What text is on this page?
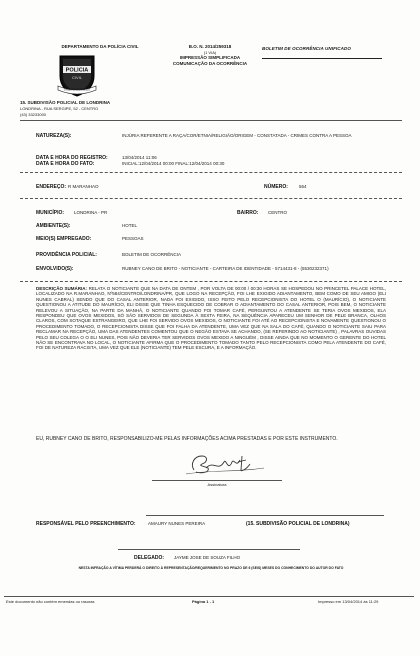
DEPARTAMENTO DA POLÍCIA CIVIL
POLICIA
CIVIL
ORDEM E PROGRESSO
15. SUBDIVISÃO POLICIAL DE LONDRINA
LONDRINA - RUA SERGIPE, 52 - CENTRO
(43) 33233000
B.O. N. 2014/259318
(1 VIA)
IMPRESSÃO SIMPLIFICADA
COMUNICAÇÃO DA OCORRÊNCIA
BOLETIM DE OCORRÊNCIA UNIFICADO
NATUREZA(S):	INJÚRIA REFERENTE A RAÇA/COR/ETNIA/RELIGIÃO/ORIGEM - CONSTATADA - CRIMES CONTRA A PESSOA
DATA E HORA DO REGISTRO:	13/04/2014 11:06
DATA E HORA DO FATO:	INICIAL:12/04/2014 00:00 FINAL:12/04/2014 00:30
ENDEREÇO: R MARANHAO	NÚMERO: 564
MUNICÍPIO: LONDRINA - PR	BAIRRO: CENTRO
AMBIENTE(S):	HOTEL
MEIO(S) EMPREGADO:	PESSOAS
PROVIDÊNCIA POLICIAL:	BOLETIM DE OCORRÊNCIA
ENVOLVIDO(S):	RUBNEY CANO DE BRITO - NOTICIANTE - CARTEIRA DE IDENTIDADE - 5714431-8 - (5530232371)
DESCRIÇÃO SUMÁRIA: RELATA O NOTICIANTE QUE NA DATA DE ONTEM , POR VOLTA DE 00:00 / 00:30 HORAS SE HOSPEDOU NO PRINCETEL PALACE HOTEL, LOCALIZADO NA R.MARANHAO, Nº584/CENTRO/LONDRINA/PR, QUE LOGO NA RECEPÇÃO, FOI LHE EXIGIDO ADIANTAMENTO, BEM COMO DE SEU AMIGO (ELI NUNES CABRAL) SENDO QUE DO CASAL ANTERIOR, NADA FOI EXIGIDO, ISSO FEITO PELO RECEPCIONISTA DO HOTEL O (MAURÍCIO), O NOTICIANTE QUESTIONOU A ATITUDE DO MAURÍCIO, ELI DISSE QUE TINHA ESQUECIDO DE COBRAR O ADIANTAMENTO DO CASAL ANTERIOR, POIS BEM, O NOTICIANTE RELEVOU A SITUAÇÃO, NA PARTE DA MANHÃ, O NOTICIANTE QUANDO FOI TOMAR CAFÉ, PERGUNTOU A ATENDENTE SE TERIA OVOS MEXIDOS, ELA RESPONDEU QUE OVOS MEXIDOS, SÓ SÃO SERVIDOS DE SEGUNDA À SEXTA FEIRA, NA SEQUÊNCIA APARECEU UM SENHOR DE PELE BRANCA, OLHOS CLAROS, COM SOTAQUE ESTRANGEIRO, QUE LHE FOI SERVIDO OVOS MEXIDOS, O NOTICIANTE FOI ATÉ AO RECEPCIONISTA E NOVAMENTE QUESTIONOU O PROCEDIMENTO TOMADO, O RECEPCIONISTA DISSE QUE FOI FALHA DA ATENDENTE, UMA VEZ QUE NA SALA DO CAFÉ, QUANDO O NOTICIANTE SAIU PARA RECLAMAR NA RECEPÇÃO, UMA DAS ATENDENTES COMENTOU QUE O NEGÃO ESTAVA SE ACHANDO, (SE REFERINDO AO NOTICIANTE) , PALAVRAS OUVIDAS PELO SEU COLEGA O O ELI NUNES, POIS NÃO DEVERIA TER SERVIDOS OVOS MEXIDO A NINGUÉM , DISSE AINDA QUE NO MOMENTO O GERENTE DO HOTEL NÃO SE ENCONTRAVA NO LOCAL, O NOTICIANTE AFIRMA QUE O PROCEDIMENTO TOMADO TANTO PELO RECEPCIONISTA COMO PELA ATENDENTE DO CAFÉ, FOI DE NATUREZA RACISTA, UMA VEZ QUE ELE (NOTICIANTE) TEM PELE ESCURA, E A INFORMAÇÃO.
EU, RUBNEY CANO DE BRITO, RESPONSABILIZO-ME PELAS INFORMAÇÕES ACIMA PRESTADAS E POR ESTE INSTRUMENTO.
Assinatura
RESPONSÁVEL PELO PREENCHIMENTO:	AMAURY NUNES PEREIRA	(15. SUBDIVISÃO POLICIAL DE LONDRINA)
DELEGADO: JAYME JOSE DE SOUZA FILHO
NESTA INFRAÇÃO A VÍTIMA PERDERÁ O DIREITO À REPRESENTAÇÃO/REQUERIMENTO NO PRAZO DE 6 (SEIS) MESES DO CONHECIMENTO DO AUTOR DO FATO
Este documento não contém emendas ou rasuras	Página 1 - 1	Impresso em 13/04/2014 às 11:29
